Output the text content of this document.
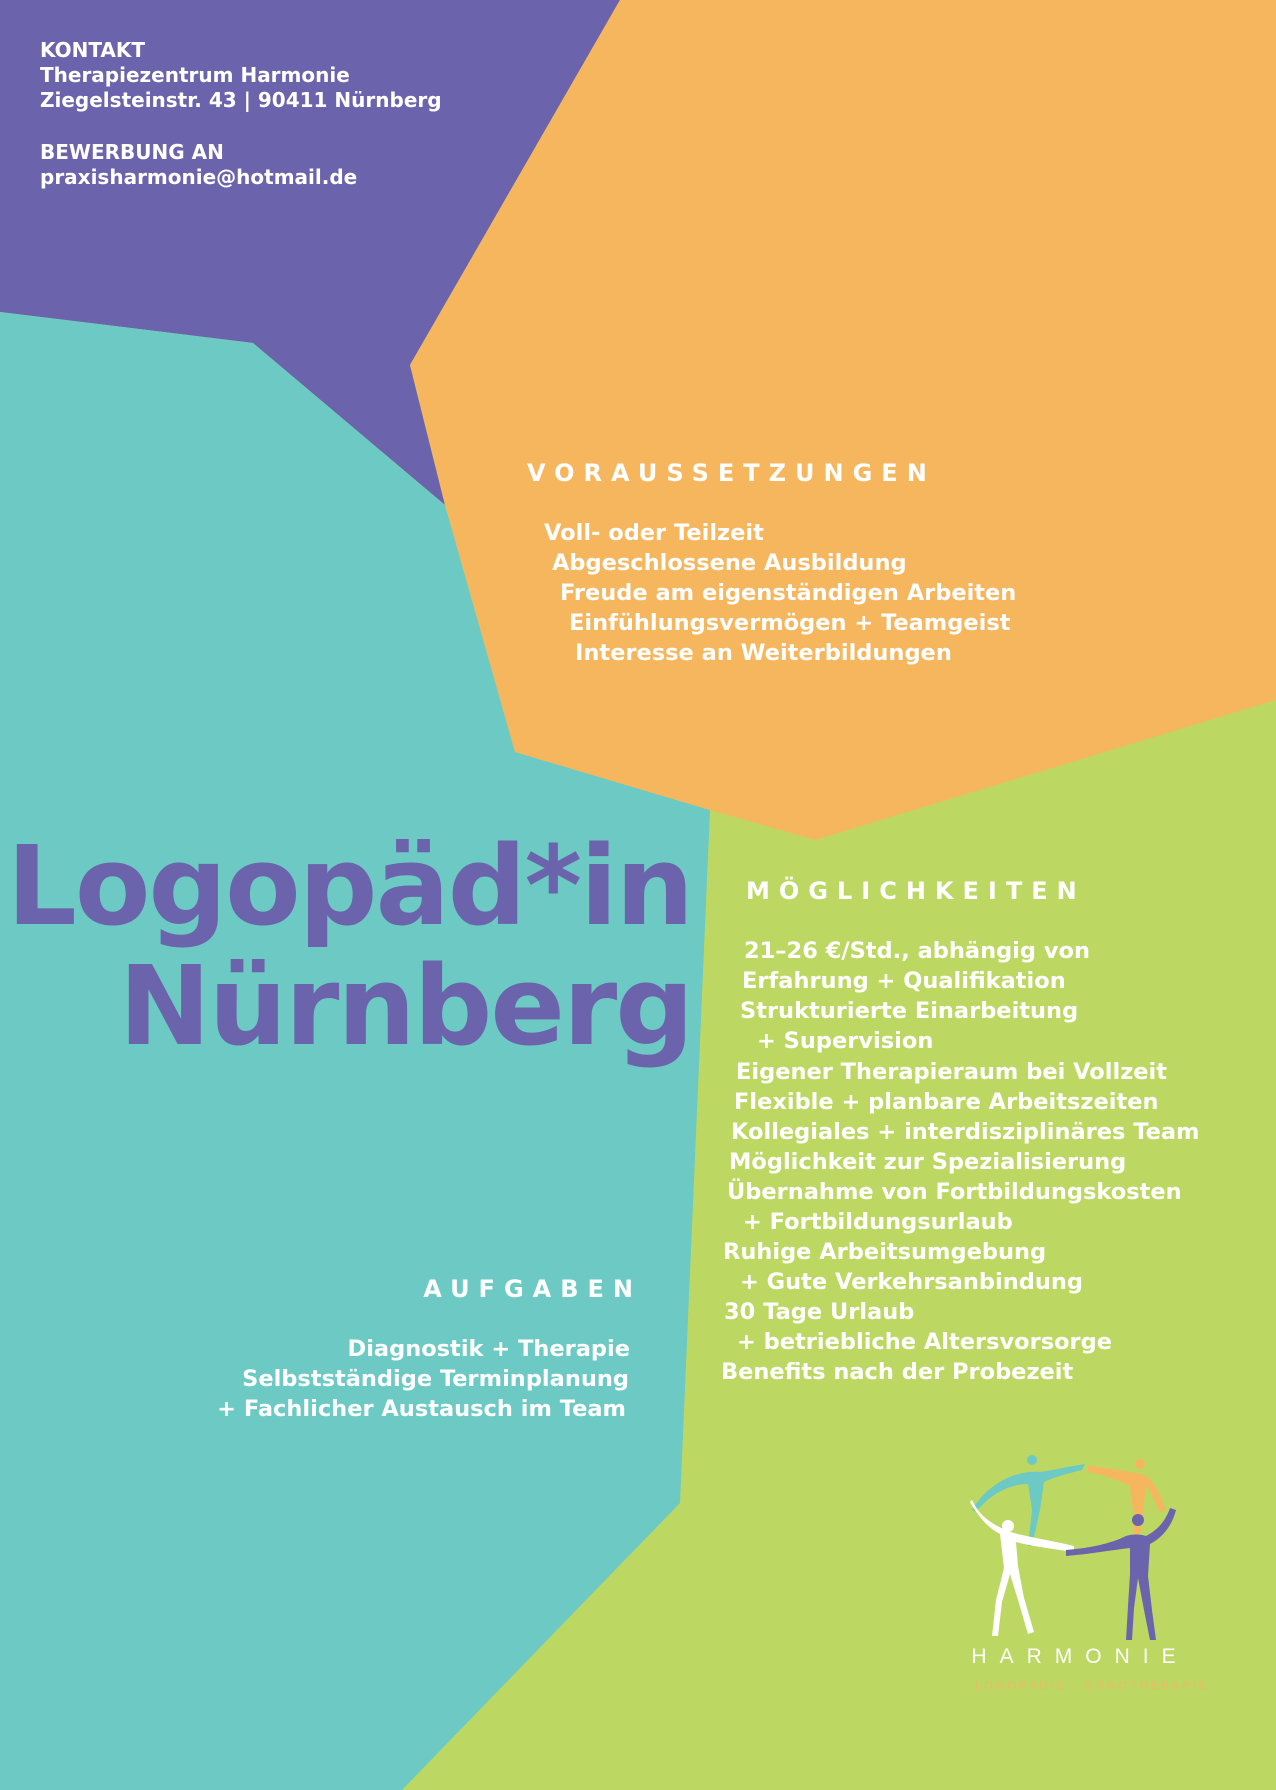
KONTAKT
Therapiezentrum Harmonie
Ziegelsteinstr. 43 | 90411 Nürnberg
BEWERBUNG AN
praxisharmonie@hotmail.de
VORAUSSETZUNGEN
Voll- oder Teilzeit
Abgeschlossene Ausbildung
Freude am eigenständigen Arbeiten
Einfühlungsvermögen + Teamgeist
Interesse an Weiterbildungen
Logopäd*in
Nürnberg
MÖGLICHKEITEN
21–26 €/Std., abhängig von
Erfahrung + Qualifikation
Strukturierte Einarbeitung
+ Supervision
Eigener Therapieraum bei Vollzeit
Flexible + planbare Arbeitszeiten
Kollegiales + interdisziplinäres Team
Möglichkeit zur Spezialisierung
Übernahme von Fortbildungskosten
+ Fortbildungsurlaub
Ruhige Arbeitsumgebung
+ Gute Verkehrsanbindung
30 Tage Urlaub
+ betriebliche Altersvorsorge
Benefits nach der Probezeit
AUFGABEN
Diagnostik + Therapie
Selbstständige Terminplanung
+ Fachlicher Austausch im Team
HARMONIE
LOGOPÄDIE · ERGOTHERAPIE
